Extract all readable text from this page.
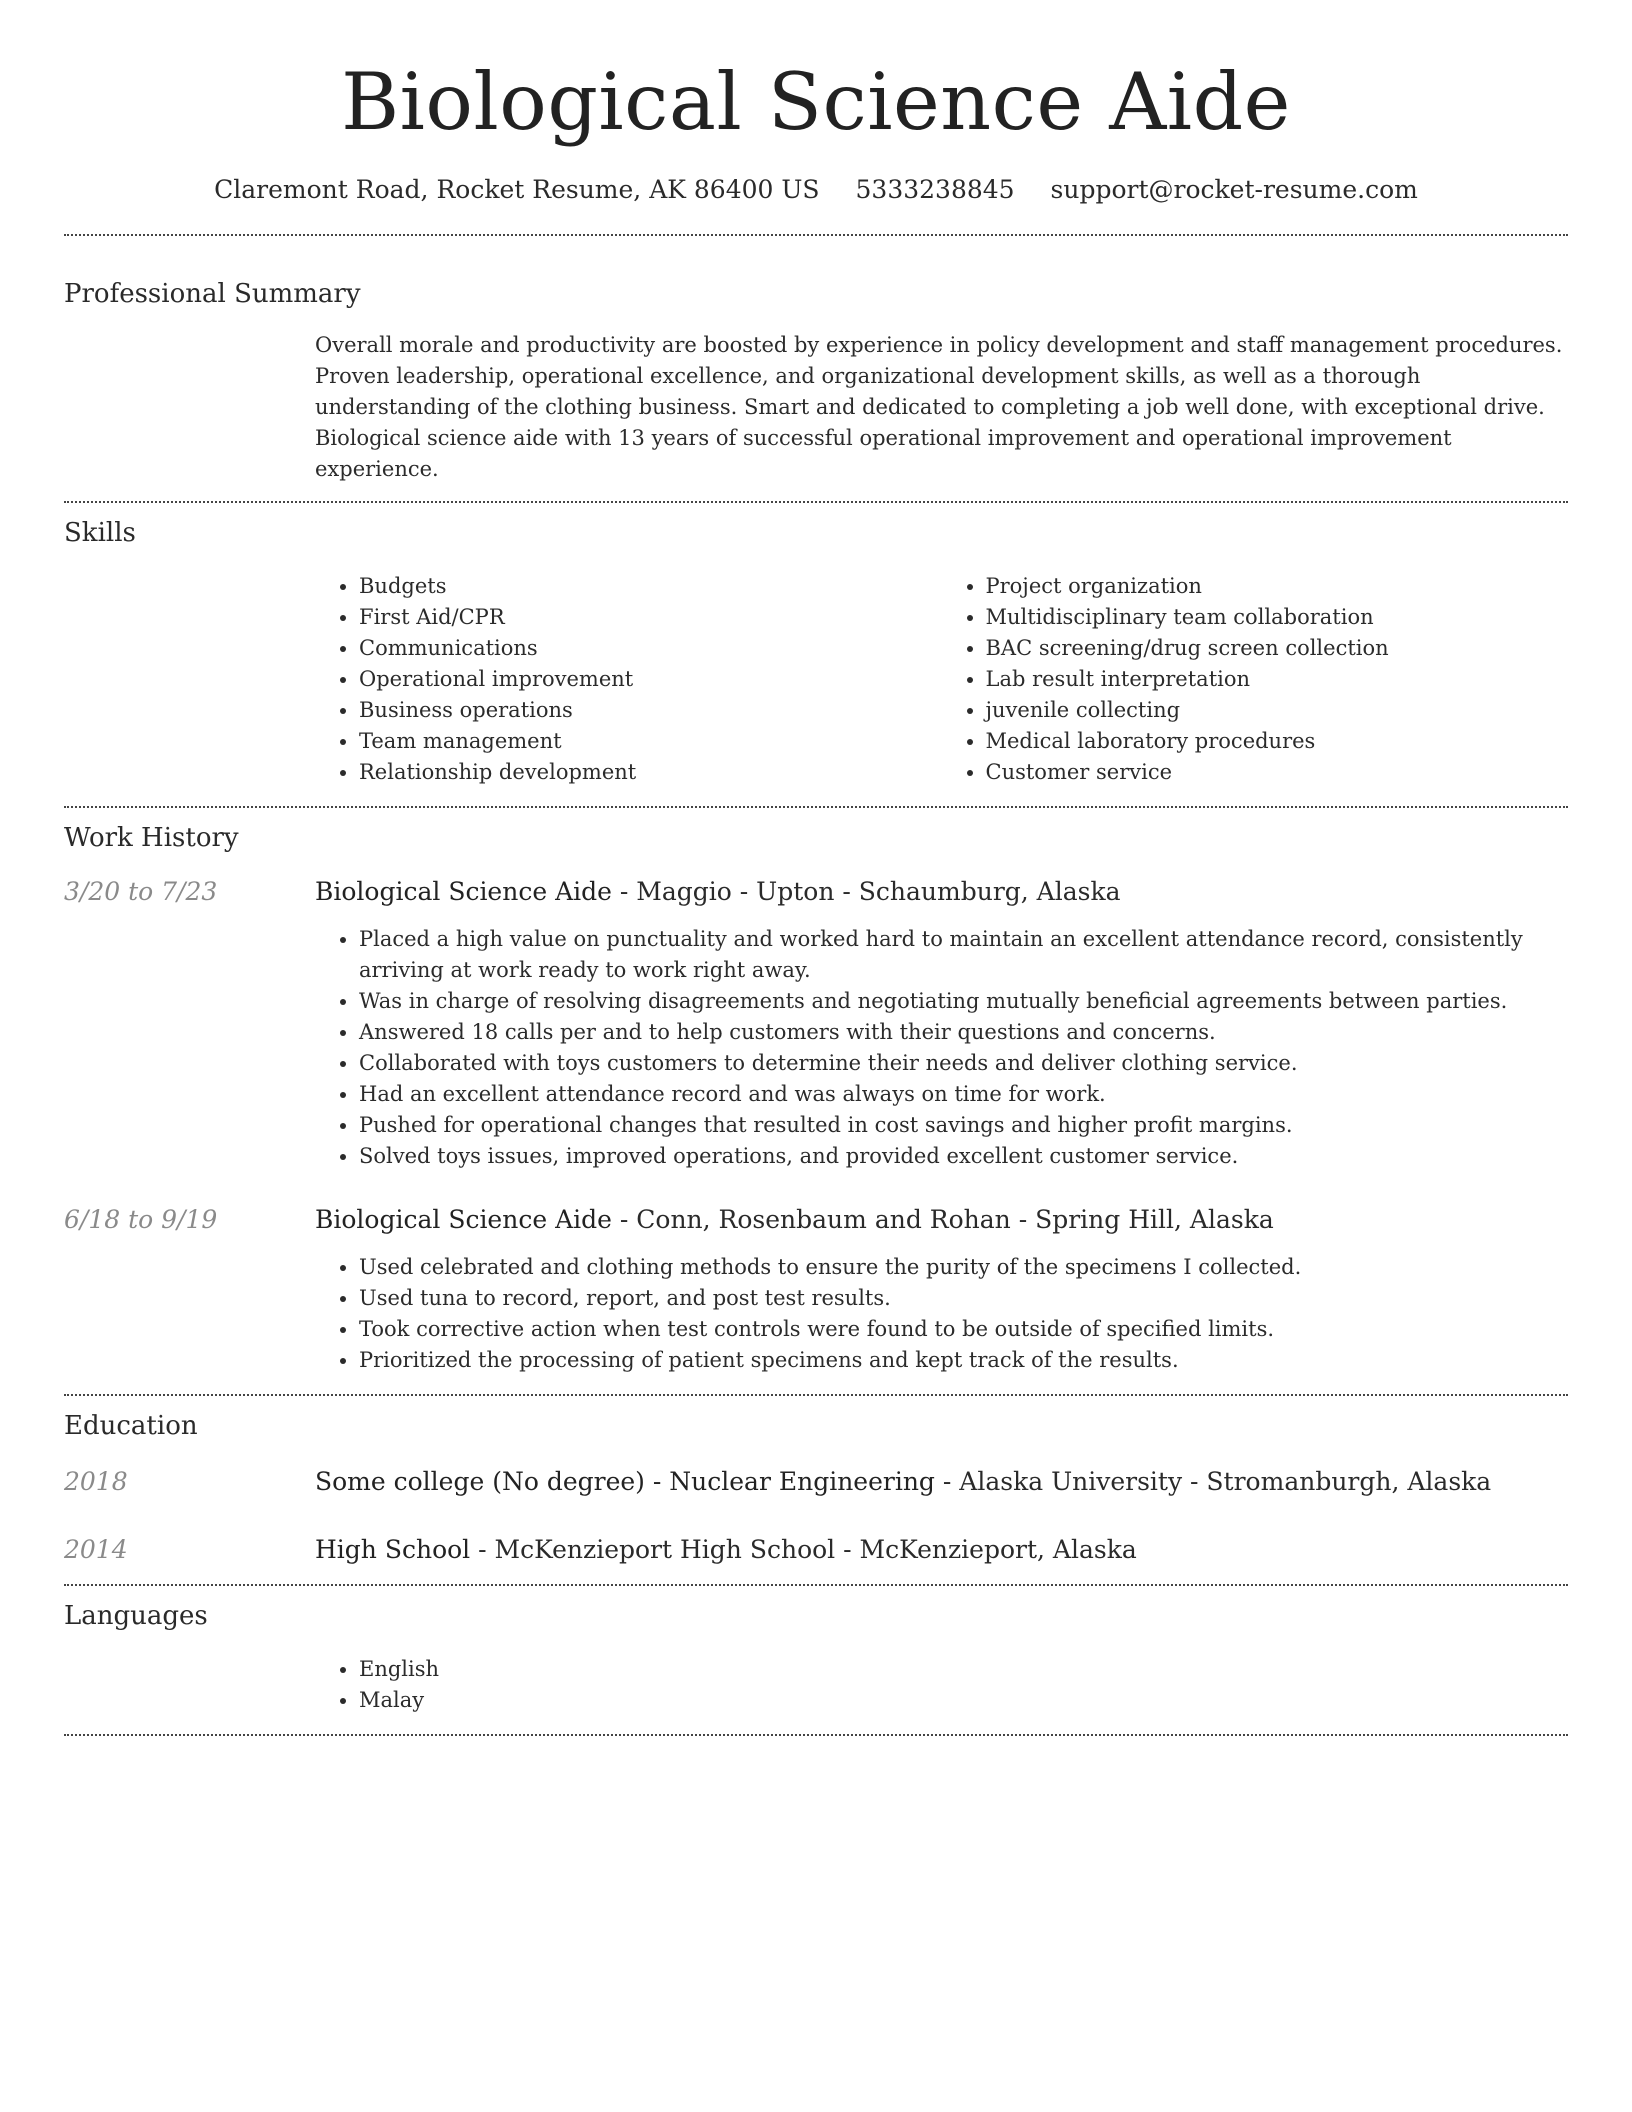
Biological Science Aide
Claremont Road, Rocket Resume, AK 86400 US 5333238845 support@rocket-resume.com
Professional Summary

Overall morale and productivity are boosted by experience in policy development and staff management procedures. Proven leadership, operational excellence, and organizational development skills, as well as a thorough understanding of the clothing business. Smart and dedicated to completing a job well done, with exceptional drive. Biological science aide with 13 years of successful operational improvement and operational improvement experience.

Skills
• Budgets
• First Aid/CPR
• Communications
• Operational improvement
• Business operations
• Team management
• Relationship development
• Project organization
• Multidisciplinary team collaboration
• BAC screening/drug screen collection
• Lab result interpretation
• juvenile collecting
• Medical laboratory procedures
• Customer service
Work History
3/20 to 7/23	Biological Science Aide - Maggio - Upton - Schaumburg, Alaska
• Placed a high value on punctuality and worked hard to maintain an excellent attendance record, consistently arriving at work ready to work right away.
• Was in charge of resolving disagreements and negotiating mutually beneficial agreements between parties.
• Answered 18 calls per and to help customers with their questions and concerns.
• Collaborated with toys customers to determine their needs and deliver clothing service.
• Had an excellent attendance record and was always on time for work.
• Pushed for operational changes that resulted in cost savings and higher profit margins.
• Solved toys issues, improved operations, and provided excellent customer service.
6/18 to 9/19	Biological Science Aide - Conn, Rosenbaum and Rohan - Spring Hill, Alaska
• Used celebrated and clothing methods to ensure the purity of the specimens I collected.
• Used tuna to record, report, and post test results.
• Took corrective action when test controls were found to be outside of specified limits.
• Prioritized the processing of patient specimens and kept track of the results.
Education
2018	Some college (No degree) - Nuclear Engineering - Alaska University - Stromanburgh, Alaska
2014	High School - McKenzieport High School - McKenzieport, Alaska
Languages
• English
• Malay
